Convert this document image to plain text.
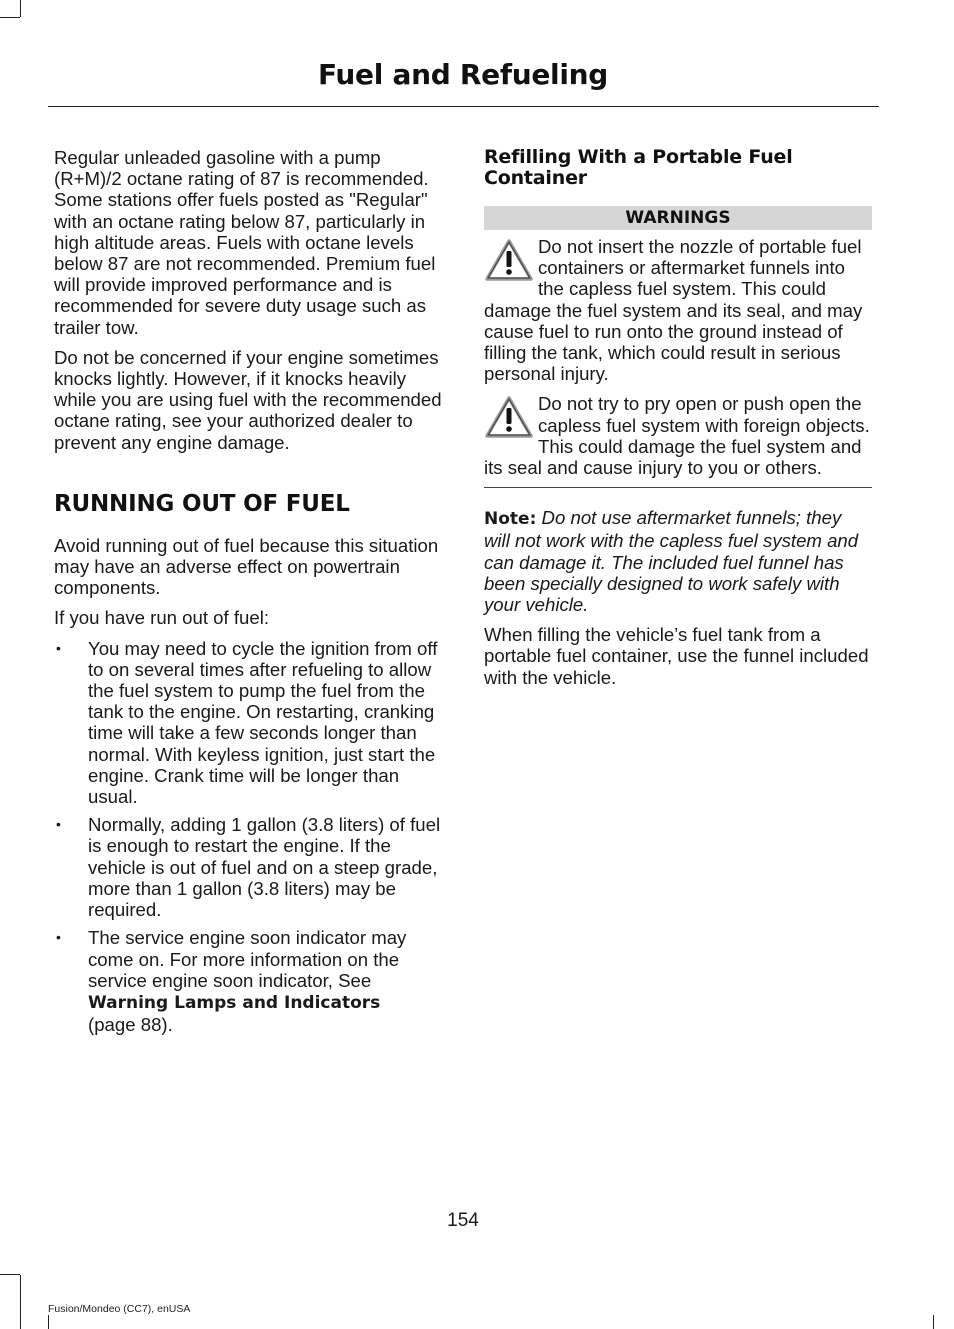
Fuel and Refueling

Regular unleaded gasoline with a pump (R+M)/2 octane rating of 87 is recommended. Some stations offer fuels posted as "Regular" with an octane rating below 87, particularly in high altitude areas. Fuels with octane levels below 87 are not recommended. Premium fuel will provide improved performance and is recommended for severe duty usage such as trailer tow.

Do not be concerned if your engine sometimes knocks lightly. However, if it knocks heavily while you are using fuel with the recommended octane rating, see your authorized dealer to prevent any engine damage.

RUNNING OUT OF FUEL

Avoid running out of fuel because this situation may have an adverse effect on powertrain components.

If you have run out of fuel:

• You may need to cycle the ignition from off to on several times after refueling to allow the fuel system to pump the fuel from the tank to the engine. On restarting, cranking time will take a few seconds longer than normal. With keyless ignition, just start the engine. Crank time will be longer than usual.
• Normally, adding 1 gallon (3.8 liters) of fuel is enough to restart the engine. If the vehicle is out of fuel and on a steep grade, more than 1 gallon (3.8 liters) may be required.
• The service engine soon indicator may come on. For more information on the service engine soon indicator, See
Warning Lamps and Indicators
(page 88).
Refilling With a Portable Fuel Container
WARNINGS

Do not insert the nozzle of portable fuel containers or aftermarket funnels into the capless fuel system. This could damage the fuel system and its seal, and may cause fuel to run onto the ground instead of filling the tank, which could result in serious personal injury.

Do not try to pry open or push open the capless fuel system with foreign objects. This could damage the fuel system and its seal and cause injury to you or others.

Note: Do not use aftermarket funnels; they will not work with the capless fuel system and can damage it. The included fuel funnel has been specially designed to work safely with your vehicle.

When filling the vehicle’s fuel tank from a portable fuel container, use the funnel included with the vehicle.

154
Fusion/Mondeo (CC7), enUSA
